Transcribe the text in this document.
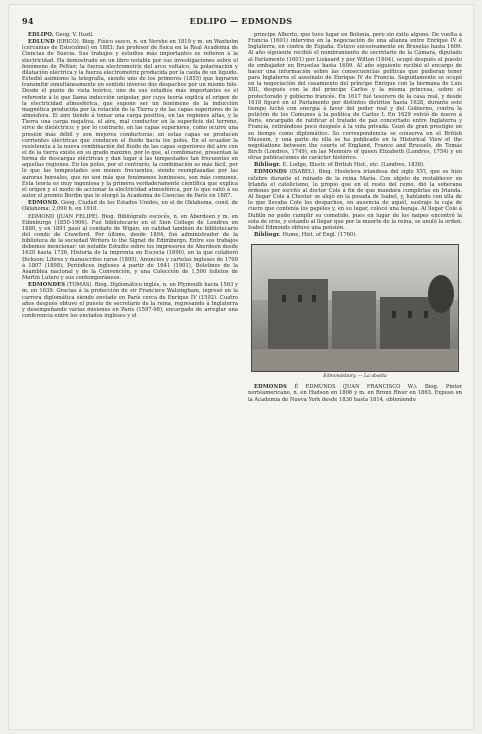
94	EDLIPO — EDMONDS

EDLIPO. Geog. V. Ituzil.

EDLUND (ERICO). Biog. Físico sueco, n. en Nershe en 1819 y m. en Waxholm (cercanías de Estocolmo) en 1883; fué profesor de física en la Real Academia de Ciencias de Suecia. Sus trabajos y estudios más importantes se refieren á la electricidad. Ha demostrado en un libro notable por sus investigaciones sobre el fenómeno de Peltier, la fuerza electromotriz del arco voltaico, la polarización y dilatación eléctrica y la fuerza electromotriz producida por la caída de un líquido. Estudió asimismo la telegrafía, siendo uno de los primeros (1855) que lograron transmitir simultáneamente en sentido inverso dos despachos por un mismo hilo. Desde el punto de vista teórico, uno de sus estudios más importantes es el referente á lo que llama inducción unipolar, por cuya teoría explica el origen de la electricidad atmosférica, que supone ser un fenómeno de la inducción magnética producida por la rotación de la Tierra y de las capas superiores de la atmósfera. El aire tiende á tomar una carga positiva, en las regiones altas, y la Tierra una carga negativa, el aire, mal conductor en la superficie del terreno, sirve de dieléctrico; y por lo contrario, en las capas superiores, como ocurre una presión más débil y son mejores conductoras; en estas capas se producen corrientes eléctricas que conducen el fluido hacia los polos. En el ecuador la resistencia á la nueva combinación del fluido de las capas superiores del aire con el de la tierra existe en su grado máximo, por lo que, al combinarse, presentan la forma de descargas eléctricas y dan lugar á las tempestades tan frecuentes en aquellas regiones. En los polos, por el contrario, la combinación es más fácil, por lo que las tempestades son menos frecuentes, siendo reemplazadas por las auroras boreales, que no son más que fenómenos luminosos, son más comunes. Esta teoría es muy ingeniosa y la primera verdaderamente científica que explica el origen y el modo de accionar la electricidad atmosférica, por lo que valió á su autor el premio Bordin que le otorgó la Academia de Ciencias de París en 1887.

EDMOND. Geog. Ciudad de los Estados Unidos, en el de Oklahoma, cond. de Oklahoma; 2,090 h. en 1910.

EDMOND (JUAN FELIPE). Biog. Bibliógrafo escocés, n. en Aberdeen y m. en Edimburgo (1850-1906). Fué bibliotecario en el Sion College de Londres en 1880, y en 1891 pasó al condado de Wigan, en calidad también de bibliotecario del conde de Crawford. Por último, desde 1894, fué administrador de la biblioteca de la sociedad Writers to the Signet de Edimburgo. Entre sus trabajos debemos mencionar: un notable Estudio sobre los impresores de Aberdeen desde 1620 hasta 1736, Historia de la imprenta en Escocia (1890), en la que colaboró Dickson; Libros y manuscritos raros (1895), Anuncios y cartelas ingleses de 1700 á 1807 (1898), Periódicos ingleses á partir de 1641 (1901), Boletines de la Asamblea nacional y de la Convención, y una Colección de 1,500 folletos de Martín Lutero y sus contemporáneos.

EDMONDES (TOMÁS). Biog. Diplomático inglés, n. en Plymouth hacia 1563 y m. en 1639. Gracias á la protección de sir Francisco Walsingham, ingresó en la carrera diplomática siendo enviado en París cerca de Enrique IV (1592). Cuatro años después obtuvo el puesto de secretario de la reina, regresando á Inglaterra y desempeñando varias misiones en París (1597-98), encargado de arreglar una conferencia entre los enviados ingleses y el

príncipe Alberto, que tuvo lugar en Bolonia, pero sin éxito alguno. De vuelta á Francia (1601) intervino en la negociación de una alianza entre Enrique IV é Inglaterra, en contra de España. Estuvo sucesivamente en Bruselas hasta 1609. Al año siguiente recibió el nombramiento de secretario de la Cámara, diputado al Parlamento (1601) por Liskeard y por Wilton (1604), ocupó después el puesto de embajador en Bruselas hasta 1609. Al año siguiente recibió el encargo de hacer una información sobre las consecuencias políticas que pudieran tener para Inglaterra el asesinato de Enrique IV de Francia. Seguidamente se ocupó en la negociación del casamiento del príncipe Enrique con la hermana de Luis XIII, después con la del príncipe Carlos y la misma princesa, sobre el protectorado y gobierno francés. En 1617 fué tesorero de la casa real, y desde 1618 figuró en el Parlamento por distintos distritos hasta 1628, durante este tiempo luchó con energía á favor del poder real y del Gobierno, contra la petición de los Comunes á la política de Carlos I. En 1629 volvió de nuevo á París, encargado de ratificar el tratado de paz concertado entre Inglaterra y Francia, retirándose poco después á la vida privada. Gozó de gran prestigio en su tiempo como diplomático. Su correspondencia se conserva en el British Museum, y una parte de ella se ha publicado en la Historical View of the negotiations between the courts of England, France and Brussels, de Tomás Birch (Londres, 1749), en las Memoirs of queen Elizabeth (Londres, 1754) y en otras publicaciones de carácter histórico.

Bibliogr. E. Lodge, Illustr. of British Hist., etc. (Londres, 1838).

EDMONDS (ISABEL). Biog. Hostelera irlandesa del siglo XVI, que se hizo célebre durante el reinado de la reina María. Con objeto de restablecer en Irlanda el catolicismo, lo propio que en el resto del reino, dió la soberana órdenes por escrito al doctor Cole á fin de que mandara cumplirlas en Irlanda. Al llegar Cole á Chester se alojó en la posada de Isabel, y, hablando con ella de lo que llevaba Cole los despachos, en ausencia de aquél, sustrajo la caja de cuero que contenía los papeles y, en su lugar, colocó una baraja. Al llegar Cole á Dublín no pudo cumplir su cometido, pues en lugar de los naipes encontró la sota de oros, y estando al llegar que por la muerte de la reina, se anuló la orden. Isabel Edmonds obtuvo una pensión.

Bibliogr. Hume, Hist. of Engl. (1760).

Edmondsbury. — La abadía

EDMONDS É EDMUNDS (JUAN FRANCISCO W.). Biog. Pintor norteamericano, n. en Hudson en 1806 y m. en Bronx River en 1863. Expuso en la Academia de Nueva York desde 1836 hasta 1814, obteniendo
